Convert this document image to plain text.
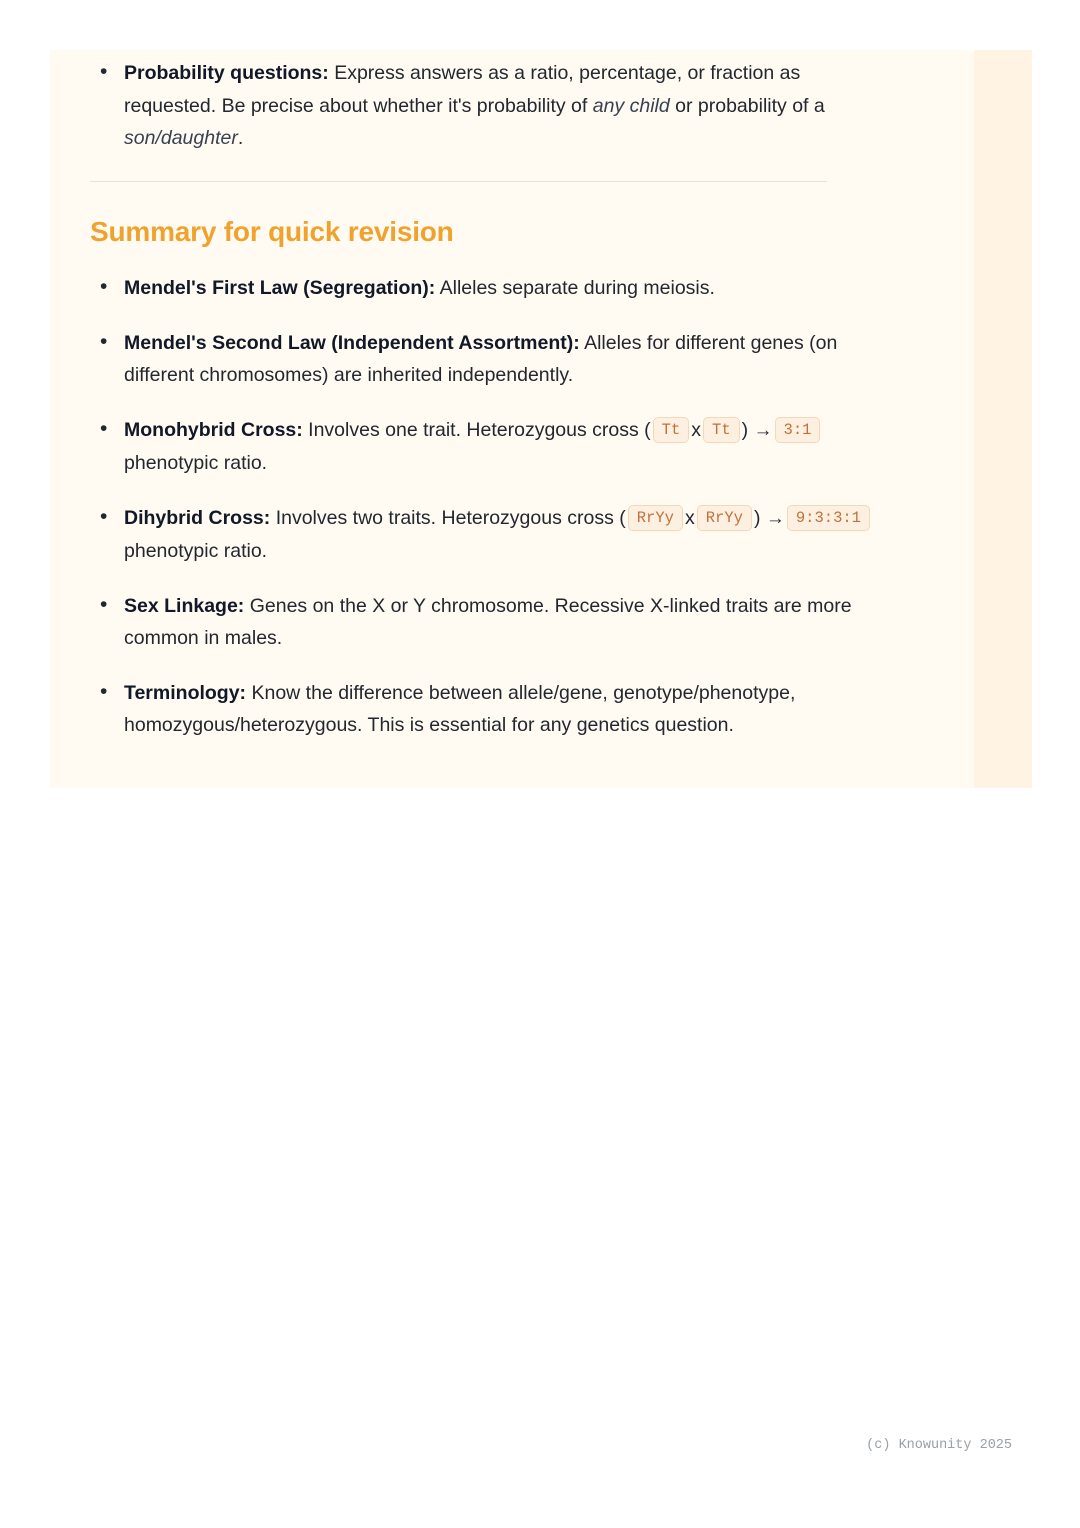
• Probability questions: Express answers as a ratio, percentage, or fraction as requested. Be precise about whether it's probability of any child or probability of a son/daughter.
Summary for quick revision
• Mendel's First Law (Segregation): Alleles separate during meiosis.
• Mendel's Second Law (Independent Assortment): Alleles for different genes (on different chromosomes) are inherited independently.
• Monohybrid Cross: Involves one trait. Heterozygous cross ( Tt x Tt ) → 3:1phenotypic ratio.
• Dihybrid Cross: Involves two traits. Heterozygous cross ( RrYy x RrYy ) → 9:3:3:1phenotypic ratio.
• Sex Linkage: Genes on the X or Y chromosome. Recessive X-linked traits are more common in males.
• Terminology: Know the difference between allele/gene, genotype/phenotype, homozygous/heterozygous. This is essential for any genetics question.
(c) Knowunity 2025
